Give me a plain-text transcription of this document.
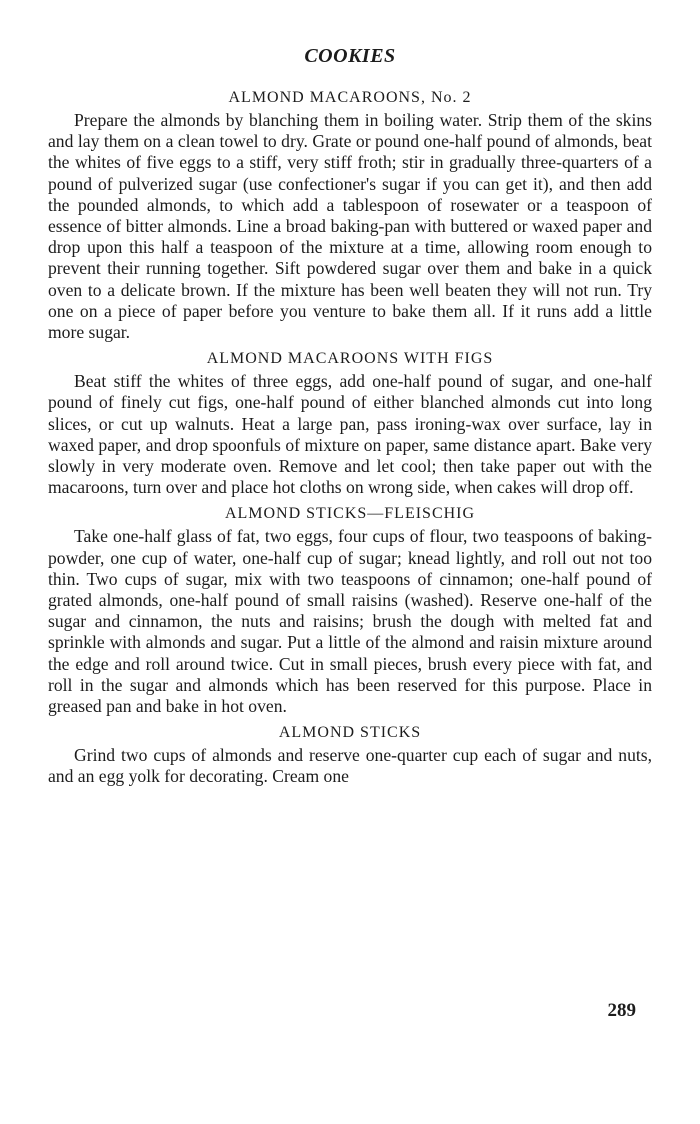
COOKIES
ALMOND MACAROONS, No. 2

Prepare the almonds by blanching them in boiling water. Strip them of the skins and lay them on a clean towel to dry. Grate or pound one-half pound of almonds, beat the whites of five eggs to a stiff, very stiff froth; stir in gradually three-quarters of a pound of pulverized sugar (use confectioner's sugar if you can get it), and then add the pounded almonds, to which add a tablespoon of rosewater or a teaspoon of essence of bitter almonds. Line a broad baking-pan with buttered or waxed paper and drop upon this half a teaspoon of the mixture at a time, allowing room enough to prevent their running together. Sift powdered sugar over them and bake in a quick oven to a delicate brown. If the mixture has been well beaten they will not run. Try one on a piece of paper before you venture to bake them all. If it runs add a little more sugar.

ALMOND MACAROONS WITH FIGS

Beat stiff the whites of three eggs, add one-half pound of sugar, and one-half pound of finely cut figs, one-half pound of either blanched almonds cut into long slices, or cut up walnuts. Heat a large pan, pass ironing-wax over surface, lay in waxed paper, and drop spoonfuls of mixture on paper, same distance apart. Bake very slowly in very moderate oven. Remove and let cool; then take paper out with the macaroons, turn over and place hot cloths on wrong side, when cakes will drop off.

ALMOND STICKS—FLEISCHIG

Take one-half glass of fat, two eggs, four cups of flour, two teaspoons of baking-powder, one cup of water, one-half cup of sugar; knead lightly, and roll out not too thin. Two cups of sugar, mix with two teaspoons of cinnamon; one-half pound of grated almonds, one-half pound of small raisins (washed). Reserve one-half of the sugar and cinnamon, the nuts and raisins; brush the dough with melted fat and sprinkle with almonds and sugar. Put a little of the almond and raisin mixture around the edge and roll around twice. Cut in small pieces, brush every piece with fat, and roll in the sugar and almonds which has been reserved for this purpose. Place in greased pan and bake in hot oven.

ALMOND STICKS

Grind two cups of almonds and reserve one-quarter cup each of sugar and nuts, and an egg yolk for decorating. Cream one

289
